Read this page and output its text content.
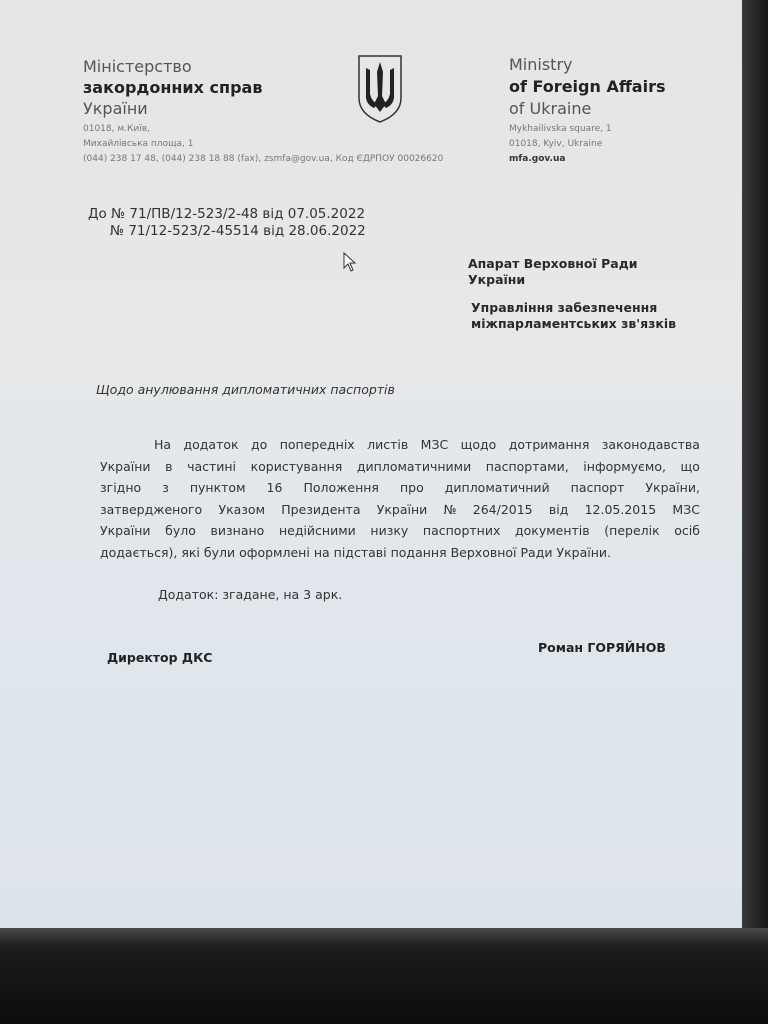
Міністерство
закордонних справ
України
01018, м.Київ,
Михайлівська площа, 1
(044) 238 17 48, (044) 238 18 88 (fax), zsmfa@gov.ua, Код ЄДРПОУ 00026620
Ministry
of Foreign Affairs
of Ukraine
Mykhailivska square, 1
01018, Kyiv, Ukraine
mfa.gov.ua
До № 71/ПВ/12-523/2-48 від 07.05.2022
№ 71/12-523/2-45514 від 28.06.2022
Апарат Верховної Ради
України
Управління забезпечення
міжпарламентських зв'язків
Щодо анулювання дипломатичних паспортів
На додаток до попередніх листів МЗС щодо дотримання законодавства
України в частині користування дипломатичними паспортами, інформуємо, що
згідно з пунктом 16 Положення про дипломатичний паспорт України,
затвердженого Указом Президента України № 264/2015 від 12.05.2015 МЗС
України було визнано недійсними низку паспортних документів (перелік осіб
додається), які були оформлені на підставі подання Верховної Ради України.
Додаток: згадане, на 3 арк.
Директор ДКС
Роман ГОРЯЙНОВ
